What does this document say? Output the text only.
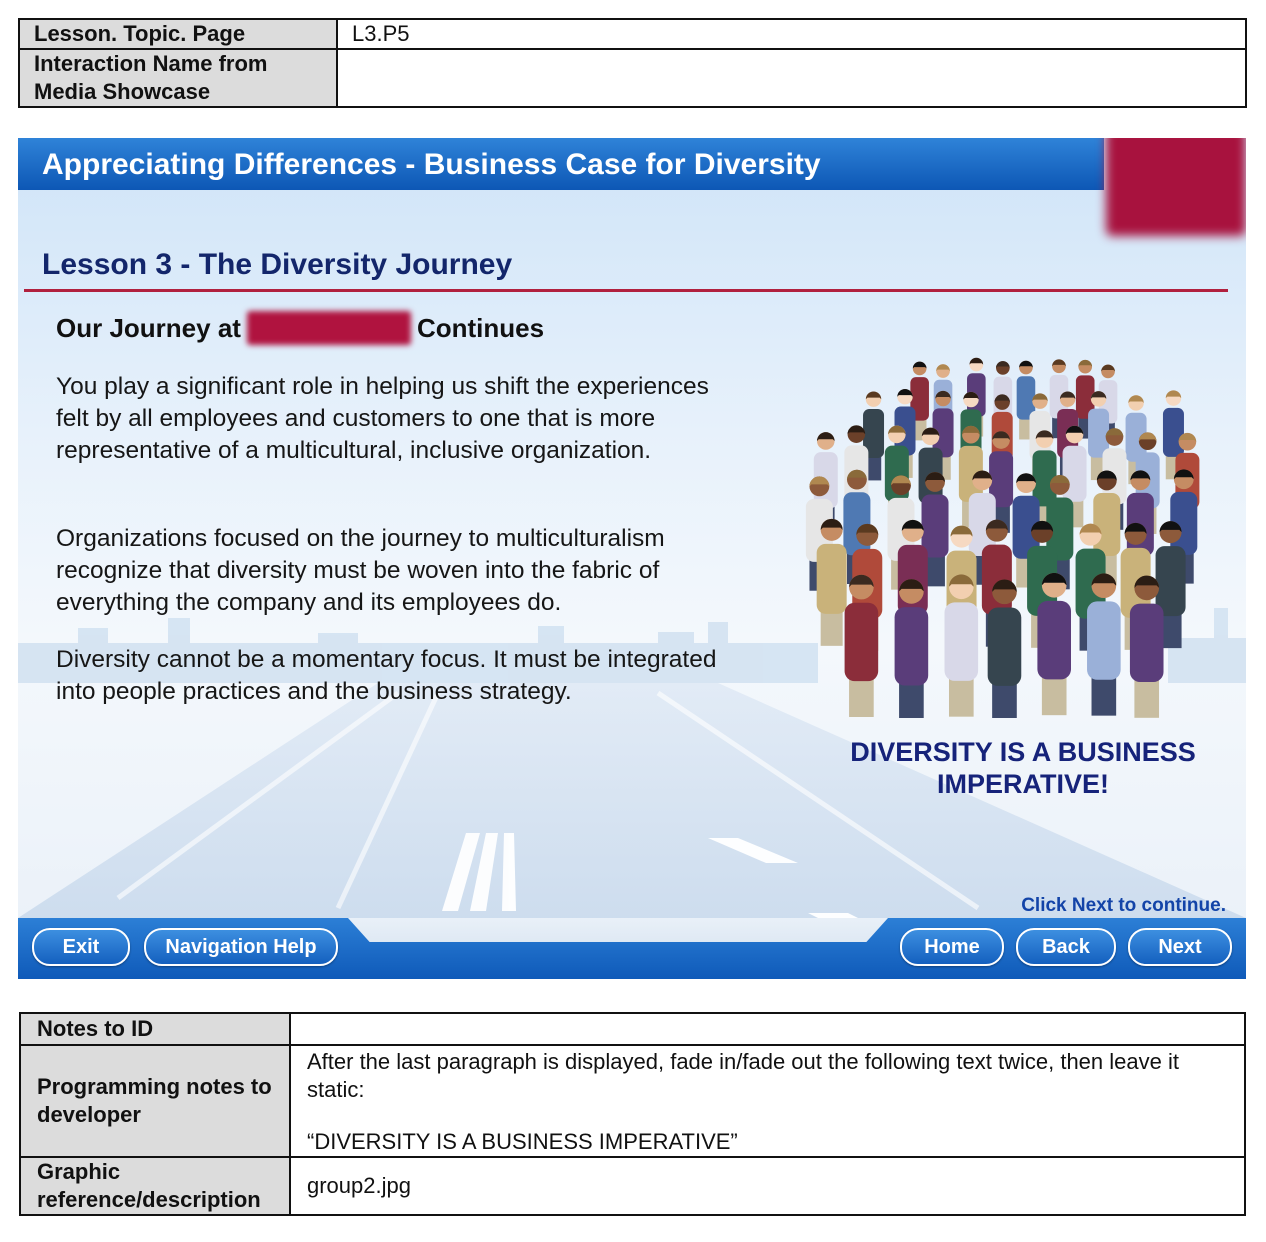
Lesson. Topic. Page	L3.P5
Interaction Name from Media Showcase	
Appreciating Differences - Business Case for Diversity
Lesson 3 - The Diversity Journey
Our Journey at	Continues
You play a significant role in helping us shift the experiences felt by all employees and customers to one that is more representative of a multicultural, inclusive organization.
Organizations focused on the journey to multiculturalism recognize that diversity must be woven into the fabric of everything the company and its employees do.
Diversity cannot be a momentary focus. It must be integrated into people practices and the business strategy.
DIVERSITY IS A BUSINESS
IMPERATIVE!
Click Next to continue.
Exit	Navigation Help	Home	Back	Next
Notes to ID	
Programming notes to developer	After the last paragraph is displayed, fade in/fade out the following text twice, then leave it static:
“DIVERSITY IS A BUSINESS IMPERATIVE”

Graphic reference/description	group2.jpg
